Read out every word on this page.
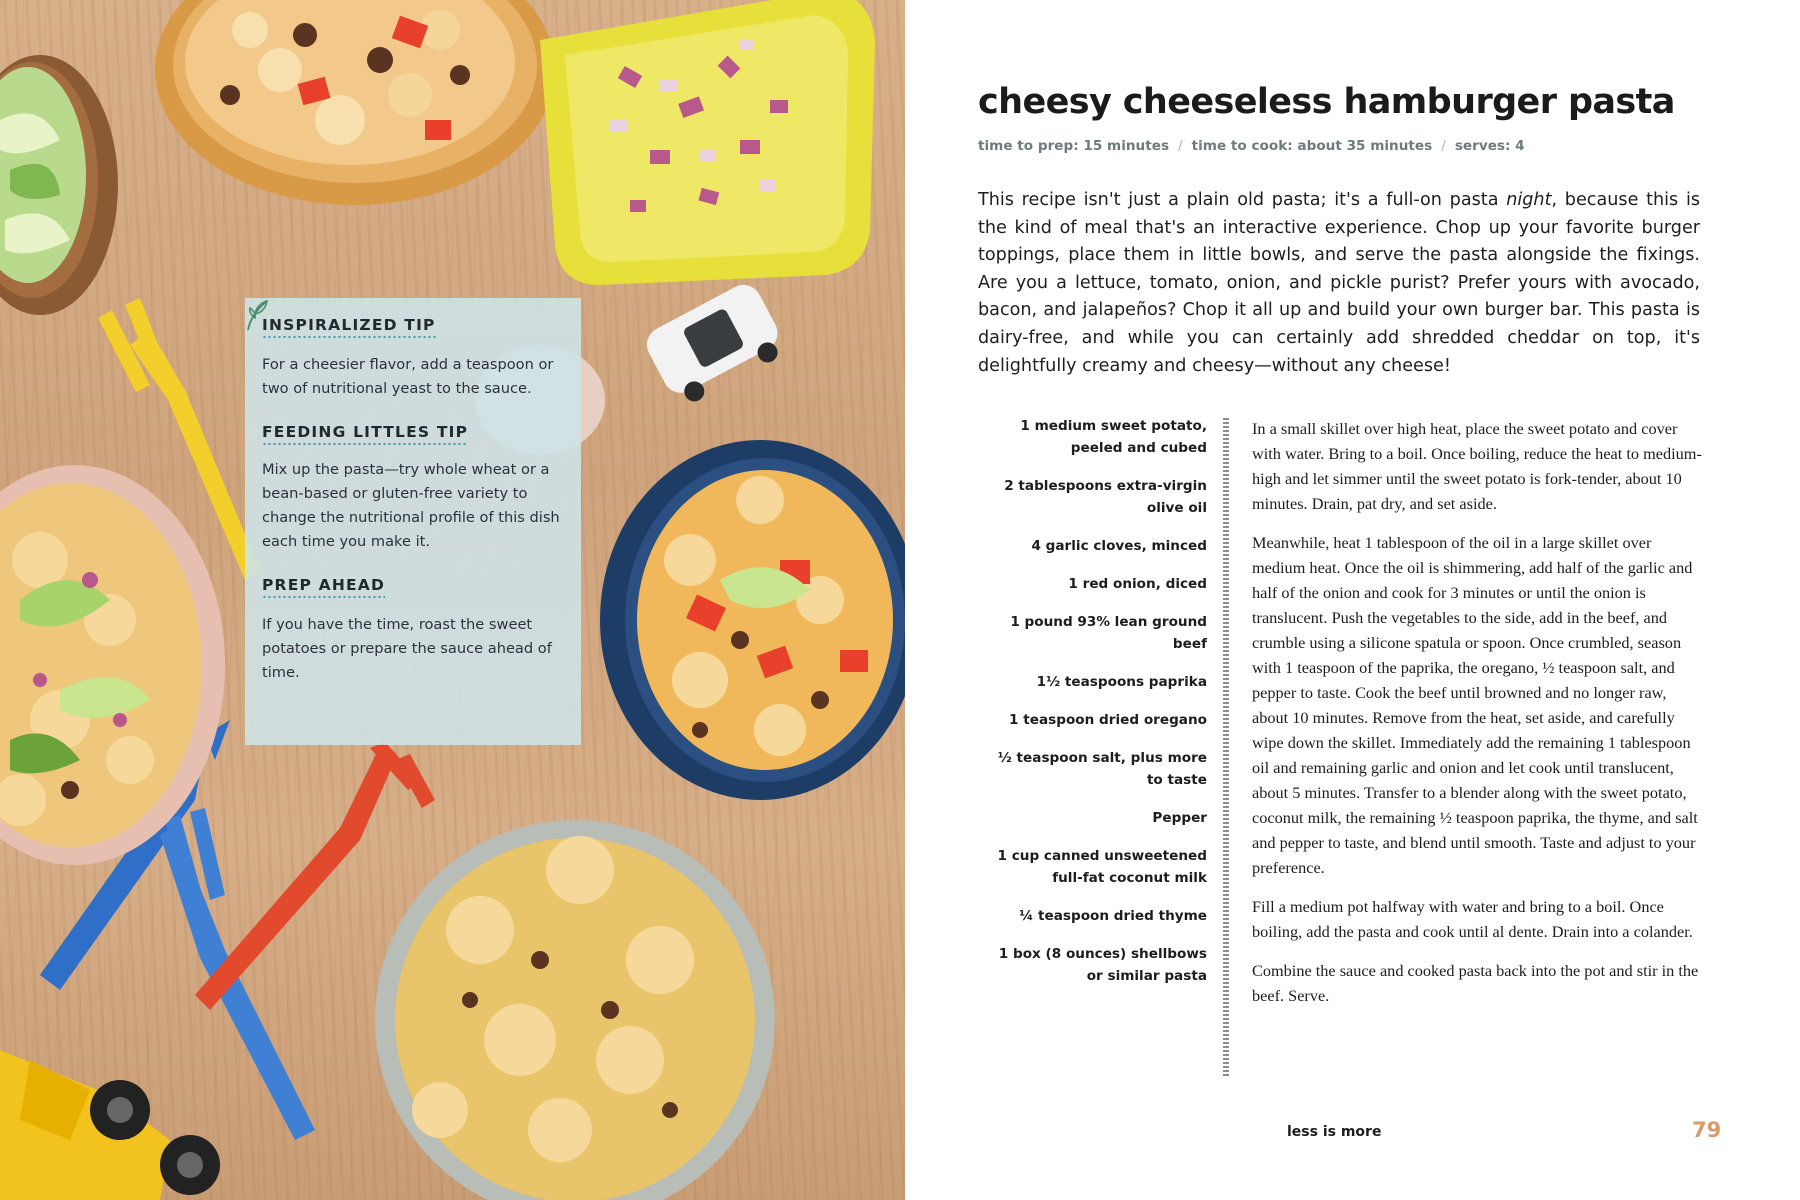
INSPIRALIZED TIP

For a cheesier flavor, add a teaspoon or two of nutritional yeast to the sauce.

FEEDING LITTLES TIP

Mix up the pasta—try whole wheat or a bean-based or gluten-free variety to change the nutritional profile of this dish each time you make it.

PREP AHEAD

If you have the time, roast the sweet potatoes or prepare the sauce ahead of time.

cheesy cheeseless hamburger pasta
time to prep: 15 minutes / time to cook: about 35 minutes / serves: 4

This recipe isn't just a plain old pasta; it's a full-on pasta night, because this is the kind of meal that's an interactive experience. Chop up your favorite burger toppings, place them in little bowls, and serve the pasta alongside the fixings. Are you a lettuce, tomato, onion, and pickle purist? Prefer yours with avocado, bacon, and jalapeños? Chop it all up and build your own burger bar. This pasta is dairy-free, and while you can certainly add shredded cheddar on top, it's delightfully creamy and cheesy—without any cheese!

1 medium sweet potato, peeled and cubed
2 tablespoons extra-virgin olive oil
4 garlic cloves, minced
1 red onion, diced
1 pound 93% lean ground beef
1½ teaspoons paprika
1 teaspoon dried oregano
½ teaspoon salt, plus more to taste
Pepper
1 cup canned unsweetened full-fat coconut milk
¼ teaspoon dried thyme
1 box (8 ounces) shellbows or similar pasta

In a small skillet over high heat, place the sweet potato and cover with water. Bring to a boil. Once boiling, reduce the heat to medium-high and let simmer until the sweet potato is fork-tender, about 10 minutes. Drain, pat dry, and set aside.

Meanwhile, heat 1 tablespoon of the oil in a large skillet over medium heat. Once the oil is shimmering, add half of the garlic and half of the onion and cook for 3 minutes or until the onion is translucent. Push the vegetables to the side, add in the beef, and crumble using a silicone spatula or spoon. Once crumbled, season with 1 teaspoon of the paprika, the oregano, ½ teaspoon salt, and pepper to taste. Cook the beef until browned and no longer raw, about 10 minutes. Remove from the heat, set aside, and carefully wipe down the skillet. Immediately add the remaining 1 tablespoon oil and remaining garlic and onion and let cook until translucent, about 5 minutes. Transfer to a blender along with the sweet potato, coconut milk, the remaining ½ teaspoon paprika, the thyme, and salt and pepper to taste, and blend until smooth. Taste and adjust to your preference.

Fill a medium pot halfway with water and bring to a boil. Once boiling, add the pasta and cook until al dente. Drain into a colander.

Combine the sauce and cooked pasta back into the pot and stir in the beef. Serve.

less is more	79
